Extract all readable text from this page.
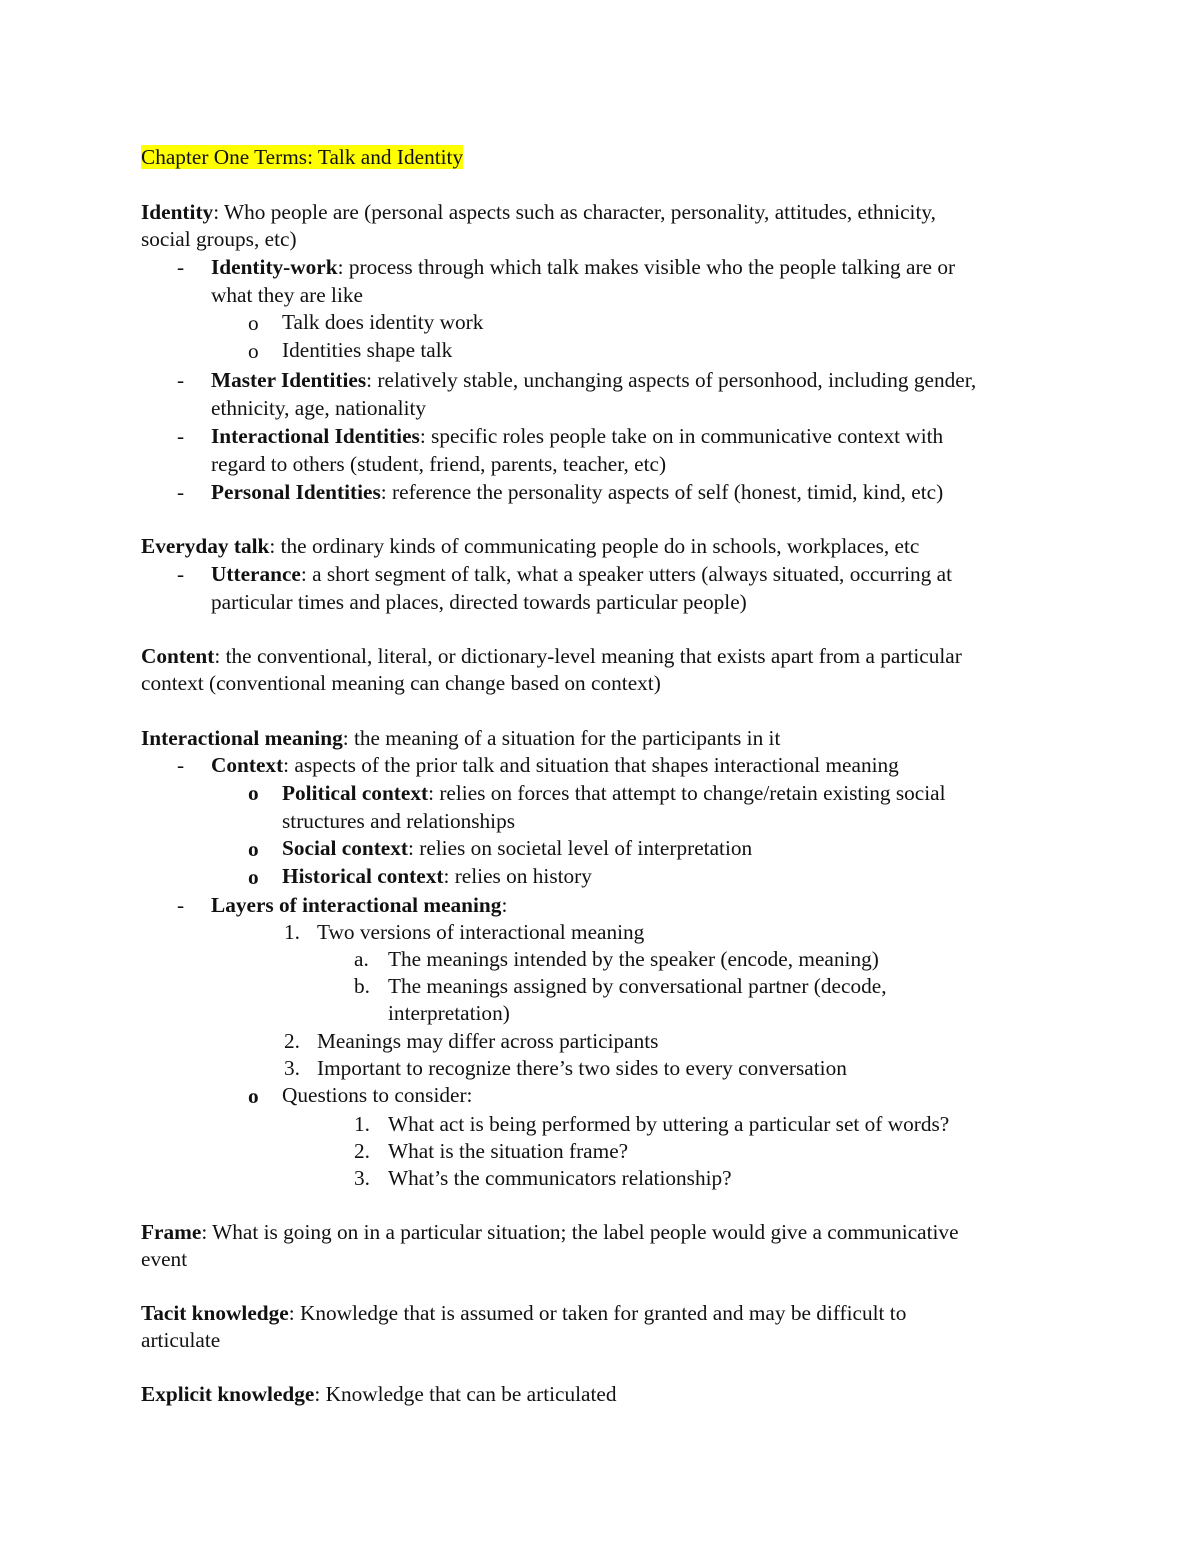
Chapter One Terms: Talk and Identity
Identity: Who people are (personal aspects such as character, personality, attitudes, ethnicity,
social groups, etc)
- Identity-work: process through which talk makes visible who the people talking are or
what they are like
o Talk does identity work
o Identities shape talk
- Master Identities: relatively stable, unchanging aspects of personhood, including gender,
ethnicity, age, nationality
- Interactional Identities: specific roles people take on in communicative context with
regard to others (student, friend, parents, teacher, etc)
- Personal Identities: reference the personality aspects of self (honest, timid, kind, etc)
Everyday talk: the ordinary kinds of communicating people do in schools, workplaces, etc
- Utterance: a short segment of talk, what a speaker utters (always situated, occurring at
particular times and places, directed towards particular people)
Content: the conventional, literal, or dictionary-level meaning that exists apart from a particular
context (conventional meaning can change based on context)
Interactional meaning: the meaning of a situation for the participants in it
- Context: aspects of the prior talk and situation that shapes interactional meaning
o Political context: relies on forces that attempt to change/retain existing social
structures and relationships
o Social context: relies on societal level of interpretation
o Historical context: relies on history
- Layers of interactional meaning:
1. Two versions of interactional meaning
a. The meanings intended by the speaker (encode, meaning)
b. The meanings assigned by conversational partner (decode,
interpretation)
2. Meanings may differ across participants
3. Important to recognize there’s two sides to every conversation
o Questions to consider:
1. What act is being performed by uttering a particular set of words?
2. What is the situation frame?
3. What’s the communicators relationship?
Frame: What is going on in a particular situation; the label people would give a communicative
event
Tacit knowledge: Knowledge that is assumed or taken for granted and may be difficult to
articulate
Explicit knowledge: Knowledge that can be articulated
